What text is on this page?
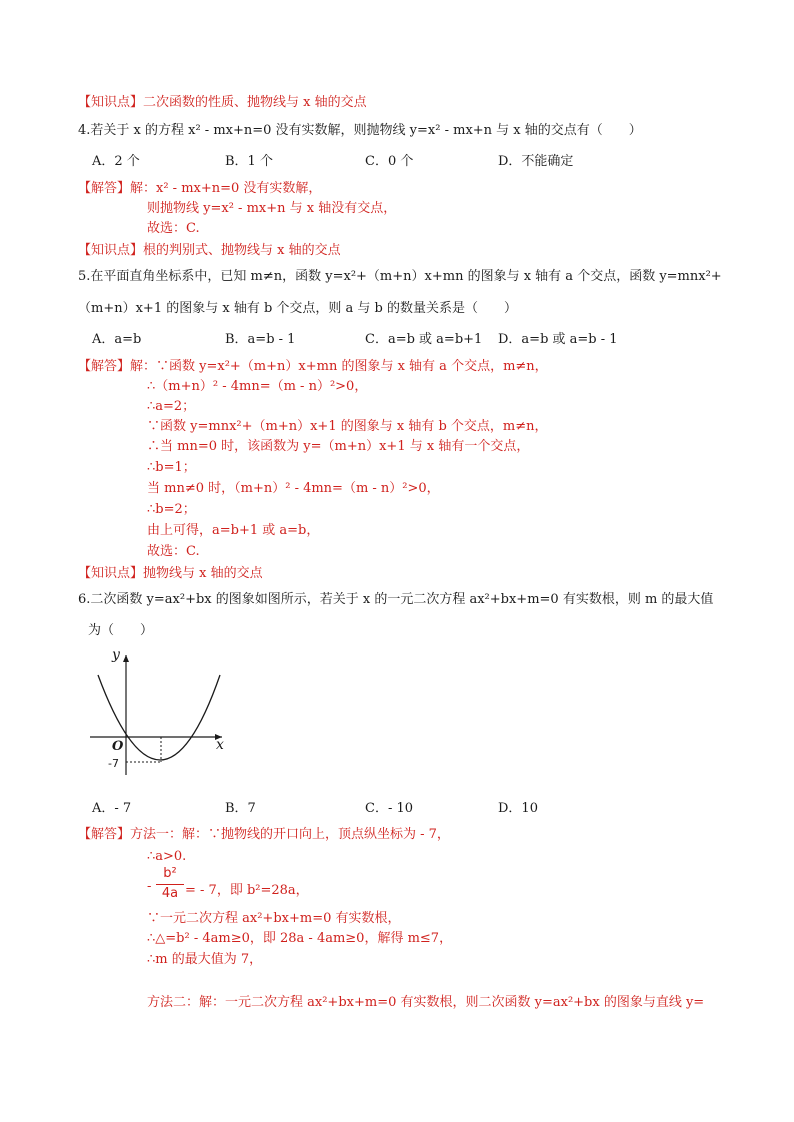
【知识点】二次函数的性质、抛物线与 x 轴的交点
4.若关于 x 的方程 x² - mx+n=0 没有实数解，则抛物线 y=x² - mx+n 与 x 轴的交点有（　　）
A．2 个	B．1 个	C．0 个	D．不能确定
【解答】解：x² - mx+n=0 没有实数解，
则抛物线 y=x² - mx+n 与 x 轴没有交点，
故选：C.
【知识点】根的判别式、抛物线与 x 轴的交点
5.在平面直角坐标系中，已知 m≠n，函数 y=x²+（m+n）x+mn 的图象与 x 轴有 a 个交点，函数 y=mnx²+
（m+n）x+1 的图象与 x 轴有 b 个交点，则 a 与 b 的数量关系是（　　）
A．a=b	B．a=b - 1	C．a=b 或 a=b+1 D．a=b 或 a=b - 1
【解答】解：∵函数 y=x²+（m+n）x+mn 的图象与 x 轴有 a 个交点，m≠n，
∴（m+n）² - 4mn=（m - n）²>0，
∴a=2；
∵函数 y=mnx²+（m+n）x+1 的图象与 x 轴有 b 个交点，m≠n，
∴当 mn=0 时，该函数为 y=（m+n）x+1 与 x 轴有一个交点，
∴b=1；
当 mn≠0 时，（m+n）² - 4mn=（m - n）²>0，
∴b=2；
由上可得，a=b+1 或 a=b，
故选：C.
【知识点】抛物线与 x 轴的交点
6.二次函数 y=ax²+bx 的图象如图所示，若关于 x 的一元二次方程 ax²+bx+m=0 有实数根，则 m 的最大值
为（　　）
y
x
O
-7
A．- 7	B．7	C．- 10	D．10
【解答】方法一：解：∵抛物线的开口向上，顶点纵坐标为 - 7，
∴a>0.
-
b²
4a = - 7，即 b²=28a，
∵一元二次方程 ax²+bx+m=0 有实数根，
∴△=b² - 4am≥0，即 28a - 4am≥0，解得 m≤7，
∴m 的最大值为 7，
方法二：解：一元二次方程 ax²+bx+m=0 有实数根，则二次函数 y=ax²+bx 的图象与直线 y=
